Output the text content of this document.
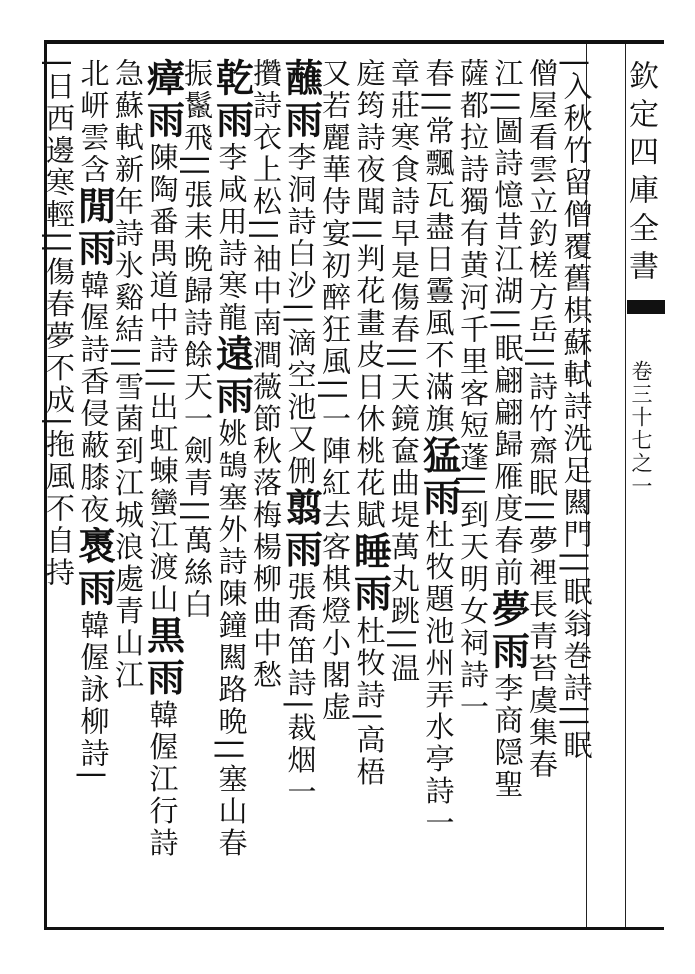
欽定四庫全書
卷三十七之一
|入秋竹留僧覆舊棋蘇軾詩洗足闗門||眠翁巻詩||眠
僧屋看雲立釣槎方岳||詩竹齋眠||夢裡長青苔虞集春
江||圖詩憶昔江湖||眠翩翩歸雁度春前夢雨李商隠聖
薩都拉詩獨有黄河千里客短蓬||到天明女祠詩一
春||常飄瓦盡日霻風不滿旗猛雨杜牧題池州弄水亭詩一
章莊寒食詩早是傷春||天鏡奩曲堤萬丸跳||温
庭筠詩夜聞||判花畫皮日休桃花賦睡雨杜牧詩|高梧
又若麗華侍宴初醉狂風||一陣紅去客棋燈小閣虚
蘸雨李洞詩白沙||滴空池又侀翦雨張喬笛詩|裁烟一
攢詩衣上松||袖中南澗薇節秋落梅楊柳曲中愁
乾雨李咸用詩寒龍遠雨姚鵠塞外詩陳鐘闗路晩||塞山春
振鬣飛||張耒晩歸詩餘天一劍青||萬絲白
瘴雨陳陶番禺道中詩||出虹蝀蠻江渡山黒雨韓偓江行詩
急蘇軾新年詩氷谿結||雪菌到江城浪處青山江
北岍雲含閒雨韓偓詩香侵蔽膝夜褭雨韓偓詠柳詩|
|日西邊寒輕||傷春夢不成|拖風不自持
